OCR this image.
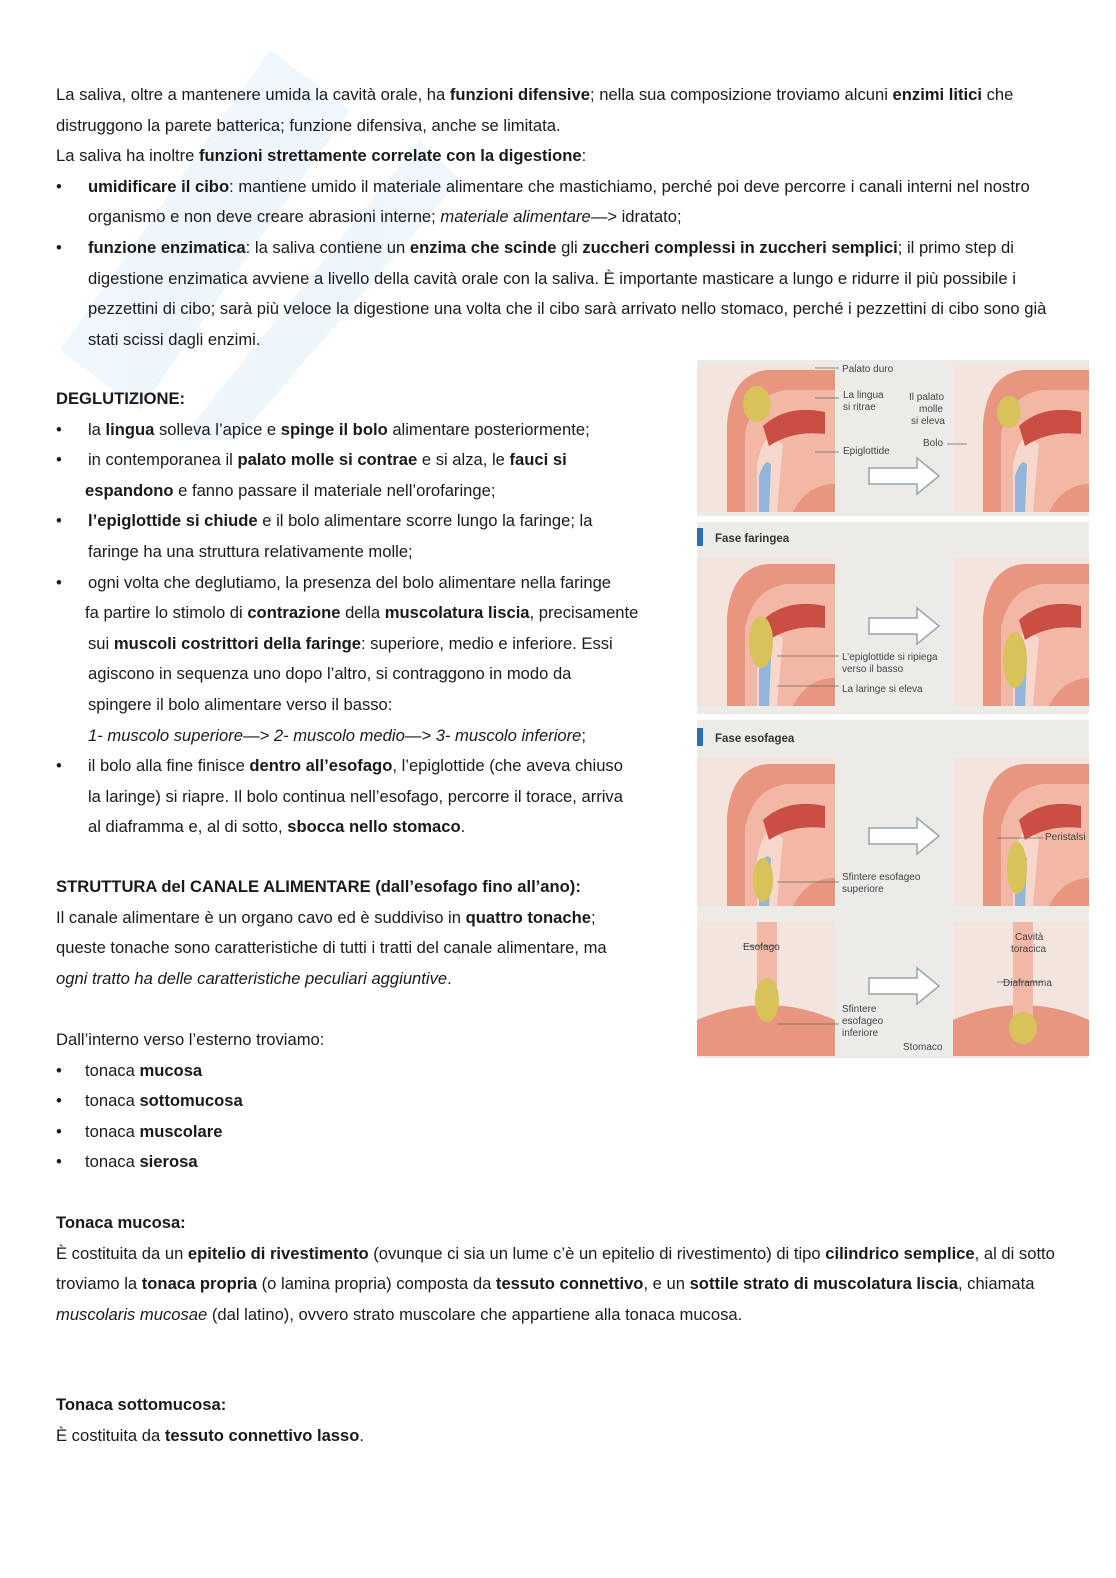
La saliva, oltre a mantenere umida la cavità orale, ha funzioni difensive; nella sua composizione troviamo alcuni enzimi litici che distruggono la parete batterica; funzione difensiva, anche se limitata.

La saliva ha inoltre funzioni strettamente correlate con la digestione:

• umidificare il cibo: mantiene umido il materiale alimentare che mastichiamo, perché poi deve percorre i canali interni nel nostro organismo e non deve creare abrasioni interne; materiale alimentare—> idratato;
• funzione enzimatica: la saliva contiene un enzima che scinde gli zuccheri complessi in zuccheri semplici; il primo step di digestione enzimatica avviene a livello della cavità orale con la saliva. È importante masticare a lungo e ridurre il più possibile i pezzettini di cibo; sarà più veloce la digestione una volta che il cibo sarà arrivato nello stomaco, perché i pezzettini di cibo sono già stati scissi dagli enzimi.

DEGLUTIZIONE:

• la lingua solleva l’apice e spinge il bolo alimentare posteriormente;
• in contemporanea il palato molle si contrae e si alza, le fauci si
espandono e fanno passare il materiale nell’orofaringe;
• l’epiglottide si chiude e il bolo alimentare scorre lungo la faringe; la
faringe ha una struttura relativamente molle;
• ogni volta che deglutiamo, la presenza del bolo alimentare nella faringe
fa partire lo stimolo di contrazione della muscolatura liscia, precisamente
sui muscoli costrittori della faringe: superiore, medio e inferiore. Essi
agiscono in sequenza uno dopo l’altro, si contraggono in modo da
spingere il bolo alimentare verso il basso:
1- muscolo superiore—> 2- muscolo medio—> 3- muscolo inferiore;
• il bolo alla fine finisce dentro all’esofago, l’epiglottide (che aveva chiuso
la laringe) si riapre. Il bolo continua nell’esofago, percorre il torace, arriva
al diaframma e, al di sotto, sbocca nello stomaco.

STRUTTURA del CANALE ALIMENTARE (dall’esofago fino all’ano):

Il canale alimentare è un organo cavo ed è suddiviso in quattro tonache;

queste tonache sono caratteristiche di tutti i tratti del canale alimentare, ma

ogni tratto ha delle caratteristiche peculiari aggiuntive.

Dall’interno verso l’esterno troviamo:

• tonaca mucosa
• tonaca sottomucosa
• tonaca muscolare
• tonaca sierosa

Tonaca mucosa:

È costituita da un epitelio di rivestimento (ovunque ci sia un lume c’è un epitelio di rivestimento) di tipo cilindrico semplice, al di sotto troviamo la tonaca propria (o lamina propria) composta da tessuto connettivo, e un sottile strato di muscolatura liscia, chiamata muscolaris mucosae (dal latino), ovvero strato muscolare che appartiene alla tonaca mucosa.

Tonaca sottomucosa:

È costituita da tessuto connettivo lasso.

Palato duro
La lingua
si ritrae
Il palato
molle
si eleva
Bolo
Epiglottide
Fase faringea
L’epiglottide si ripiega
verso il basso
La laringe si eleva
Fase esofagea
Sfintere esofageo
superiore
Peristalsi
Esofago
Cavità
toracica
Diaframma
Sfintere
esofageo
inferiore
Stomaco
